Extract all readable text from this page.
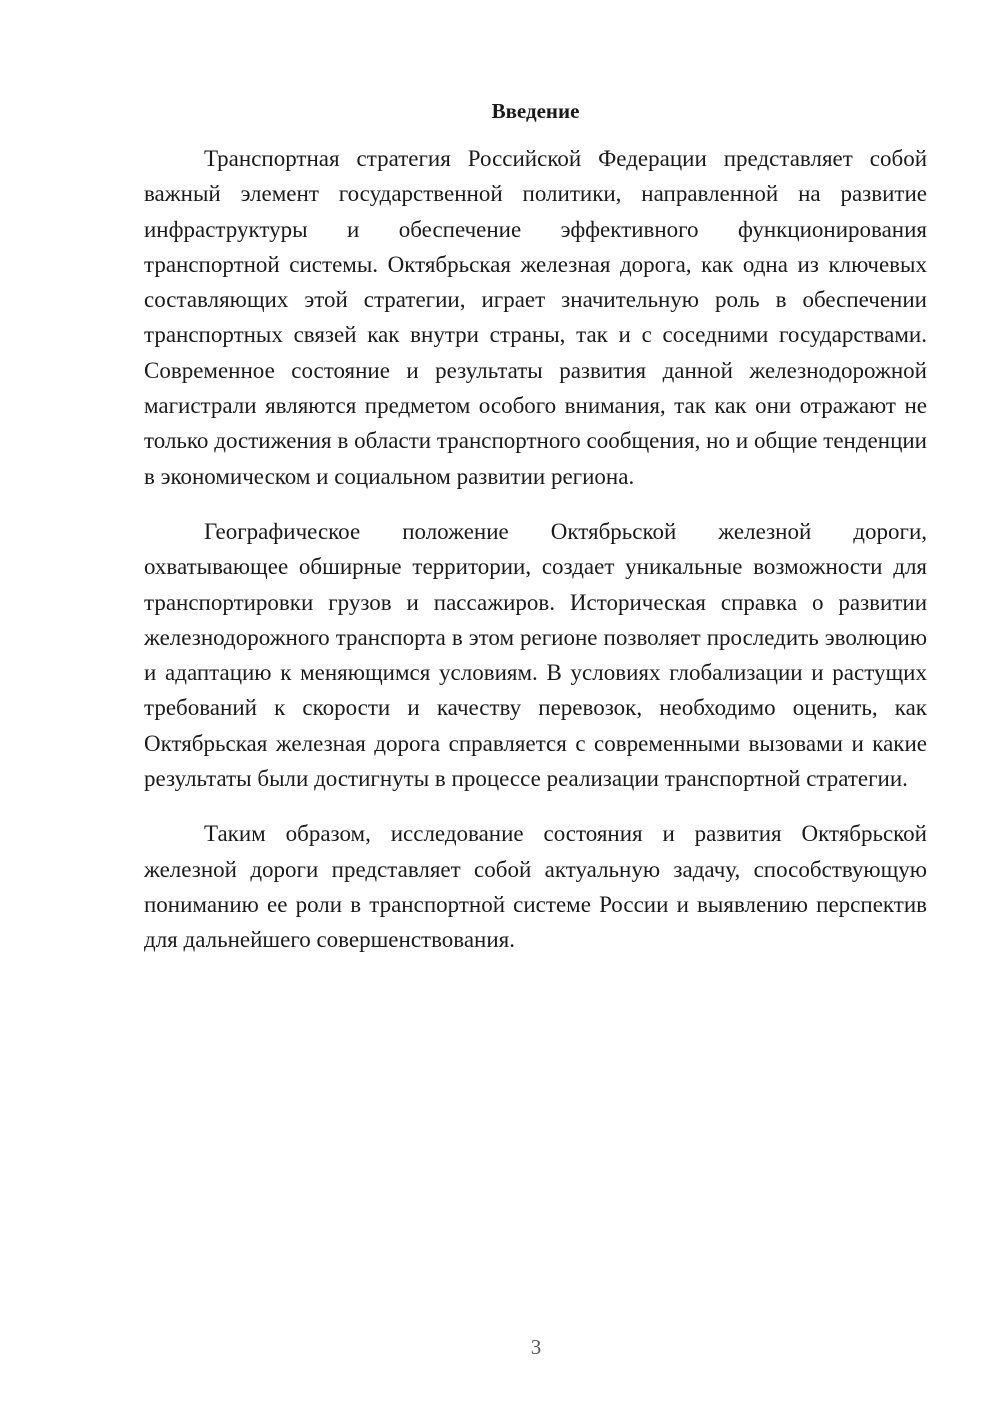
Введение

Транспортная стратегия Российской Федерации представляет собой важный элемент государственной политики, направленной на развитие инфраструктуры и обеспечение эффективного функционирования транспортной системы. Октябрьская железная дорога, как одна из ключевых составляющих этой стратегии, играет значительную роль в обеспечении транспортных связей как внутри страны, так и с соседними государствами. Современное состояние и результаты развития данной железнодорожной магистрали являются предметом особого внимания, так как они отражают не только достижения в области транспортного сообщения, но и общие тенденции в экономическом и социальном развитии региона.

Географическое положение Октябрьской железной дороги, охватывающее обширные территории, создает уникальные возможности для транспортировки грузов и пассажиров. Историческая справка о развитии железнодорожного транспорта в этом регионе позволяет проследить эволюцию и адаптацию к меняющимся условиям. В условиях глобализации и растущих требований к скорости и качеству перевозок, необходимо оценить, как Октябрьская железная дорога справляется с современными вызовами и какие результаты были достигнуты в процессе реализации транспортной стратегии.

Таким образом, исследование состояния и развития Октябрьской железной дороги представляет собой актуальную задачу, способствующую пониманию ее роли в транспортной системе России и выявлению перспектив для дальнейшего совершенствования.

3
